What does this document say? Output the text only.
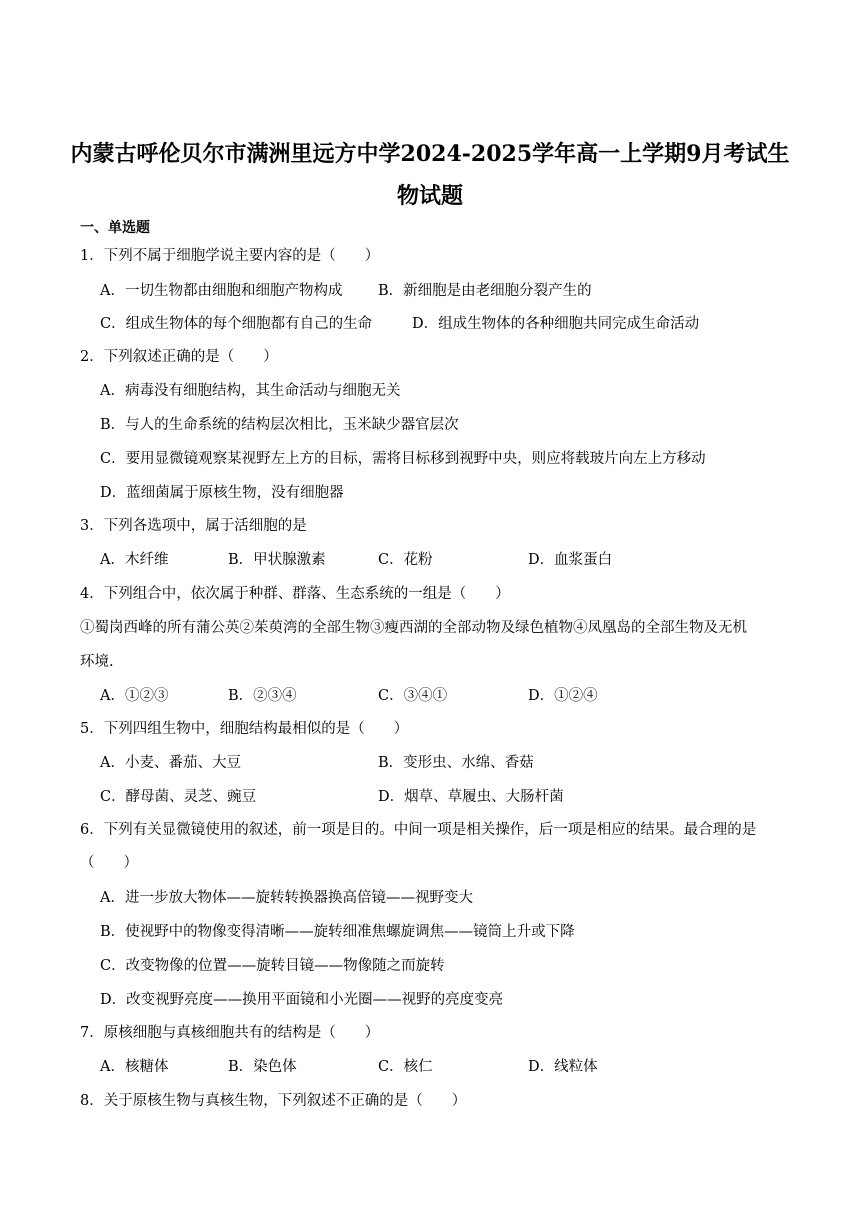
内蒙古呼伦贝尔市满洲里远方中学2024-2025学年高一上学期9月考试生
物试题
一、单选题
1．下列不属于细胞学说主要内容的是（　　）
A．一切生物都由细胞和细胞产物构成 B．新细胞是由老细胞分裂产生的
C．组成生物体的每个细胞都有自己的生命	D．组成生物体的各种细胞共同完成生命活动
2．下列叙述正确的是（　　）
A．病毒没有细胞结构，其生命活动与细胞无关
B．与人的生命系统的结构层次相比，玉米缺少器官层次
C．要用显微镜观察某视野左上方的目标，需将目标移到视野中央，则应将载玻片向左上方移动
D．蓝细菌属于原核生物，没有细胞器
3．下列各选项中，属于活细胞的是
A．木纤维	B．甲状腺激素	C．花粉	D．血浆蛋白
4．下列组合中，依次属于种群、群落、生态系统的一组是（　　）
①蜀岗西峰的所有蒲公英②茱萸湾的全部生物③瘦西湖的全部动物及绿色植物④凤凰岛的全部生物及无机
环境.
A．①②③	B．②③④	C．③④①	D．①②④
5．下列四组生物中，细胞结构最相似的是（　　）
A．小麦、番茄、大豆	B．变形虫、水绵、香菇
C．酵母菌、灵芝、豌豆	D．烟草、草履虫、大肠杆菌
6．下列有关显微镜使用的叙述，前一项是目的。中间一项是相关操作，后一项是相应的结果。最合理的是
（　　）
A．进一步放大物体——旋转转换器换高倍镜——视野变大
B．使视野中的物像变得清晰——旋转细准焦螺旋调焦——镜筒上升或下降
C．改变物像的位置——旋转目镜——物像随之而旋转
D．改变视野亮度——换用平面镜和小光圈——视野的亮度变亮
7．原核细胞与真核细胞共有的结构是（　　）
A．核糖体	B．染色体	C．核仁	D．线粒体
8．关于原核生物与真核生物，下列叙述不正确的是（　　）
